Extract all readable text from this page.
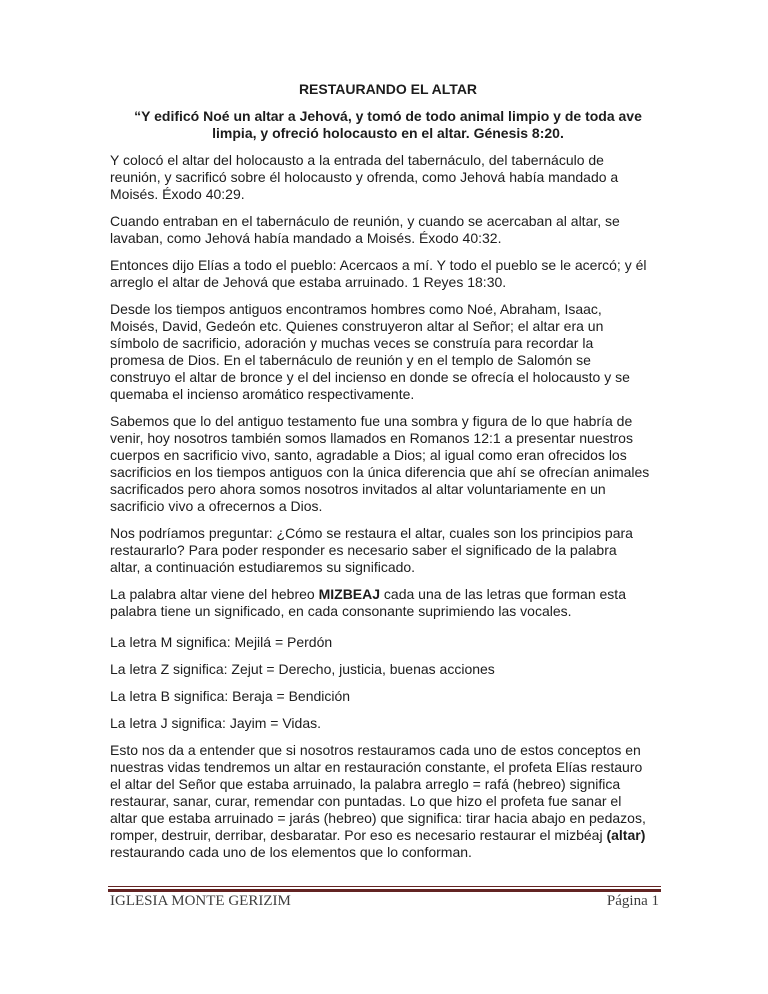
RESTAURANDO EL ALTAR
“Y edificó Noé un altar a Jehová, y tomó de todo animal limpio y de toda ave
limpia, y ofreció holocausto en el altar. Génesis 8:20.
Y colocó el altar del holocausto a la entrada del tabernáculo, del tabernáculo de
reunión, y sacrificó sobre él holocausto y ofrenda, como Jehová había mandado a
Moisés. Éxodo 40:29.
Cuando entraban en el tabernáculo de reunión, y cuando se acercaban al altar, se
lavaban, como Jehová había mandado a Moisés. Éxodo 40:32.
Entonces dijo Elías a todo el pueblo: Acercaos a mí. Y todo el pueblo se le acercó; y él
arreglo el altar de Jehová que estaba arruinado. 1 Reyes 18:30.
Desde los tiempos antiguos encontramos hombres como Noé, Abraham, Isaac,
Moisés, David, Gedeón etc. Quienes construyeron altar al Señor; el altar era un
símbolo de sacrificio, adoración y muchas veces se construía para recordar la
promesa de Dios. En el tabernáculo de reunión y en el templo de Salomón se
construyo el altar de bronce y el del incienso en donde se ofrecía el holocausto y se
quemaba el incienso aromático respectivamente.
Sabemos que lo del antiguo testamento fue una sombra y figura de lo que habría de
venir, hoy nosotros también somos llamados en Romanos 12:1 a presentar nuestros
cuerpos en sacrificio vivo, santo, agradable a Dios; al igual como eran ofrecidos los
sacrificios en los tiempos antiguos con la única diferencia que ahí se ofrecían animales
sacrificados pero ahora somos nosotros invitados al altar voluntariamente en un
sacrificio vivo a ofrecernos a Dios.
Nos podríamos preguntar: ¿Cómo se restaura el altar, cuales son los principios para
restaurarlo? Para poder responder es necesario saber el significado de la palabra
altar, a continuación estudiaremos su significado.
La palabra altar viene del hebreo MIZBEAJ cada una de las letras que forman esta
palabra tiene un significado, en cada consonante suprimiendo las vocales.
La letra M significa: Mejilá = Perdón
La letra Z significa: Zejut = Derecho, justicia, buenas acciones
La letra B significa: Beraja = Bendición
La letra J significa: Jayim = Vidas.
Esto nos da a entender que si nosotros restauramos cada uno de estos conceptos en
nuestras vidas tendremos un altar en restauración constante, el profeta Elías restauro
el altar del Señor que estaba arruinado, la palabra arreglo = rafá (hebreo) significa
restaurar, sanar, curar, remendar con puntadas. Lo que hizo el profeta fue sanar el
altar que estaba arruinado = jarás (hebreo) que significa: tirar hacia abajo en pedazos,
romper, destruir, derribar, desbaratar. Por eso es necesario restaurar el mizbéaj (altar)
restaurando cada uno de los elementos que lo conforman.
IGLESIA MONTE GERIZIM	Página 1
